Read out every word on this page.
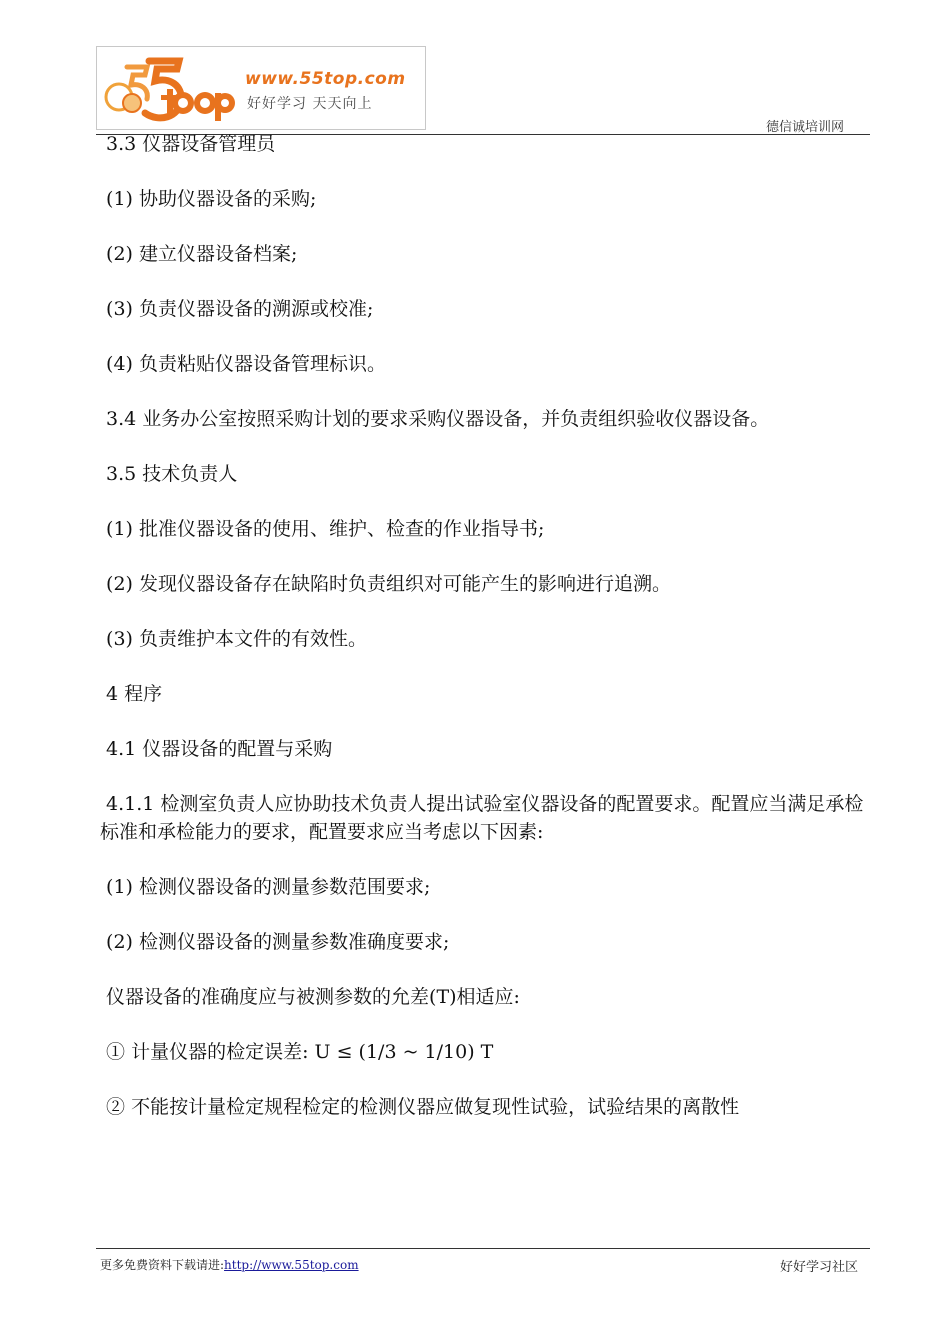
www.55top.com
好好学习 天天向上
德信诚培训网

3.3 仪器设备管理员

(1) 协助仪器设备的采购;

(2) 建立仪器设备档案;

(3) 负责仪器设备的溯源或校准;

(4) 负责粘贴仪器设备管理标识。

3.4 业务办公室按照采购计划的要求采购仪器设备，并负责组织验收仪器设备。

3.5 技术负责人

(1) 批准仪器设备的使用、维护、检查的作业指导书;

(2) 发现仪器设备存在缺陷时负责组织对可能产生的影响进行追溯。

(3) 负责维护本文件的有效性。

4 程序

4.1 仪器设备的配置与采购

4.1.1 检测室负责人应协助技术负责人提出试验室仪器设备的配置要求。配置应当满足承检标准和承检能力的要求，配置要求应当考虑以下因素:

(1) 检测仪器设备的测量参数范围要求;

(2) 检测仪器设备的测量参数准确度要求;

仪器设备的准确度应与被测参数的允差(T)相适应:

① 计量仪器的检定误差: U ≤ (1/3 ~ 1/10) T

② 不能按计量检定规程检定的检测仪器应做复现性试验，试验结果的离散性

更多免费资料下载请进:http://www.55top.com	好好学习社区
